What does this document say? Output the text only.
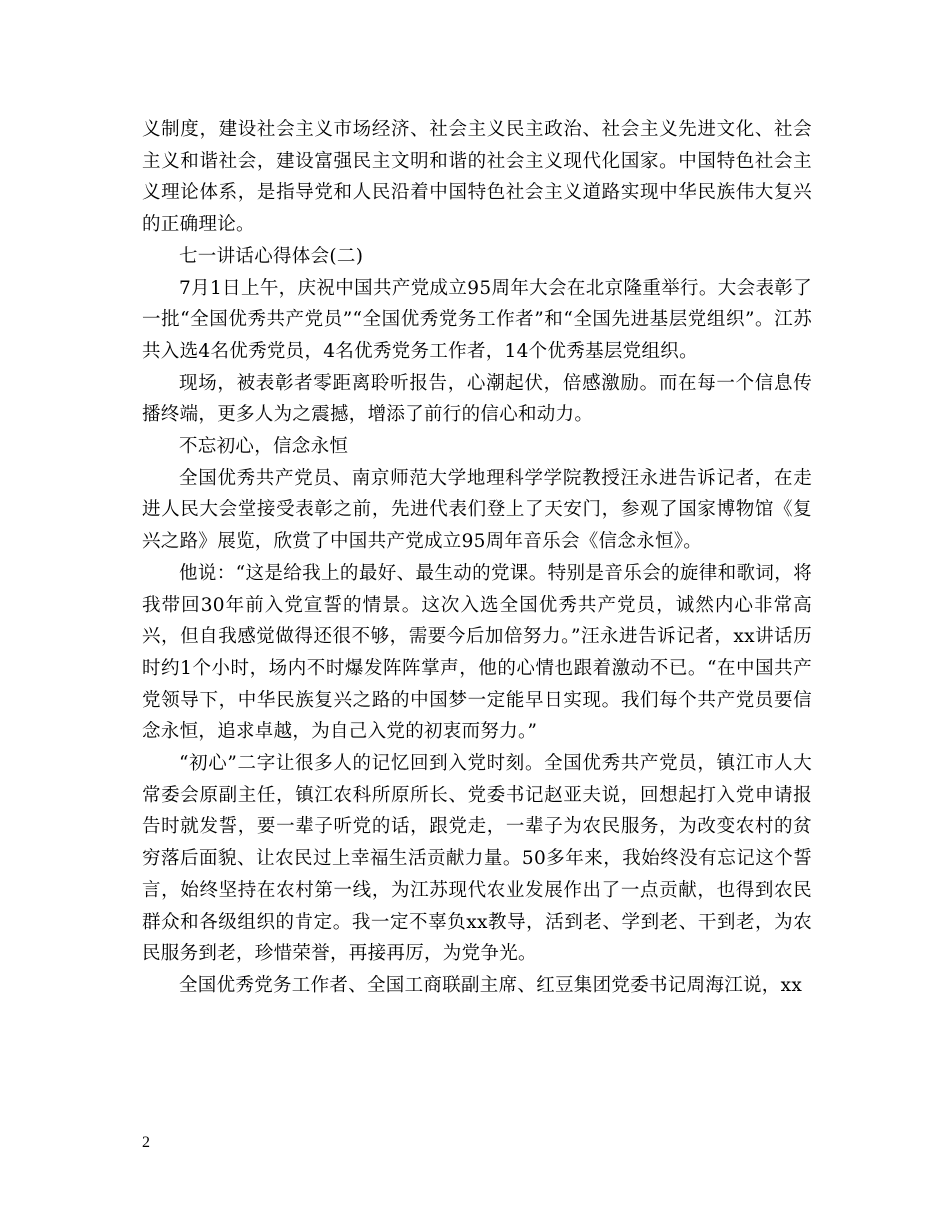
义制度，建设社会主义市场经济、社会主义民主政治、社会主义先进文化、社会主义和谐社会，建设富强民主文明和谐的社会主义现代化国家。中国特色社会主义理论体系，是指导党和人民沿着中国特色社会主义道路实现中华民族伟大复兴的正确理论。

七一讲话心得体会(二)

7月1日上午，庆祝中国共产党成立95周年大会在北京隆重举行。大会表彰了一批“全国优秀共产党员”“全国优秀党务工作者”和“全国先进基层党组织”。江苏共入选4名优秀党员，4名优秀党务工作者，14个优秀基层党组织。

现场，被表彰者零距离聆听报告，心潮起伏，倍感激励。而在每一个信息传播终端，更多人为之震撼，增添了前行的信心和动力。

不忘初心，信念永恒

全国优秀共产党员、南京师范大学地理科学学院教授汪永进告诉记者，在走进人民大会堂接受表彰之前，先进代表们登上了天安门，参观了国家博物馆《复兴之路》展览，欣赏了中国共产党成立95周年音乐会《信念永恒》。

他说：“这是给我上的最好、最生动的党课。特别是音乐会的旋律和歌词，将我带回30年前入党宣誓的情景。这次入选全国优秀共产党员，诚然内心非常高兴，但自我感觉做得还很不够，需要今后加倍努力。”汪永进告诉记者，xx讲话历时约1个小时，场内不时爆发阵阵掌声，他的心情也跟着激动不已。“在中国共产党领导下，中华民族复兴之路的中国梦一定能早日实现。我们每个共产党员要信念永恒，追求卓越，为自己入党的初衷而努力。”

“初心”二字让很多人的记忆回到入党时刻。全国优秀共产党员，镇江市人大常委会原副主任，镇江农科所原所长、党委书记赵亚夫说，回想起打入党申请报告时就发誓，要一辈子听党的话，跟党走，一辈子为农民服务，为改变农村的贫穷落后面貌、让农民过上幸福生活贡献力量。50多年来，我始终没有忘记这个誓言，始终坚持在农村第一线，为江苏现代农业发展作出了一点贡献，也得到农民群众和各级组织的肯定。我一定不辜负xx教导，活到老、学到老、干到老，为农民服务到老，珍惜荣誉，再接再厉，为党争光。

全国优秀党务工作者、全国工商联副主席、红豆集团党委书记周海江说，xx

2
